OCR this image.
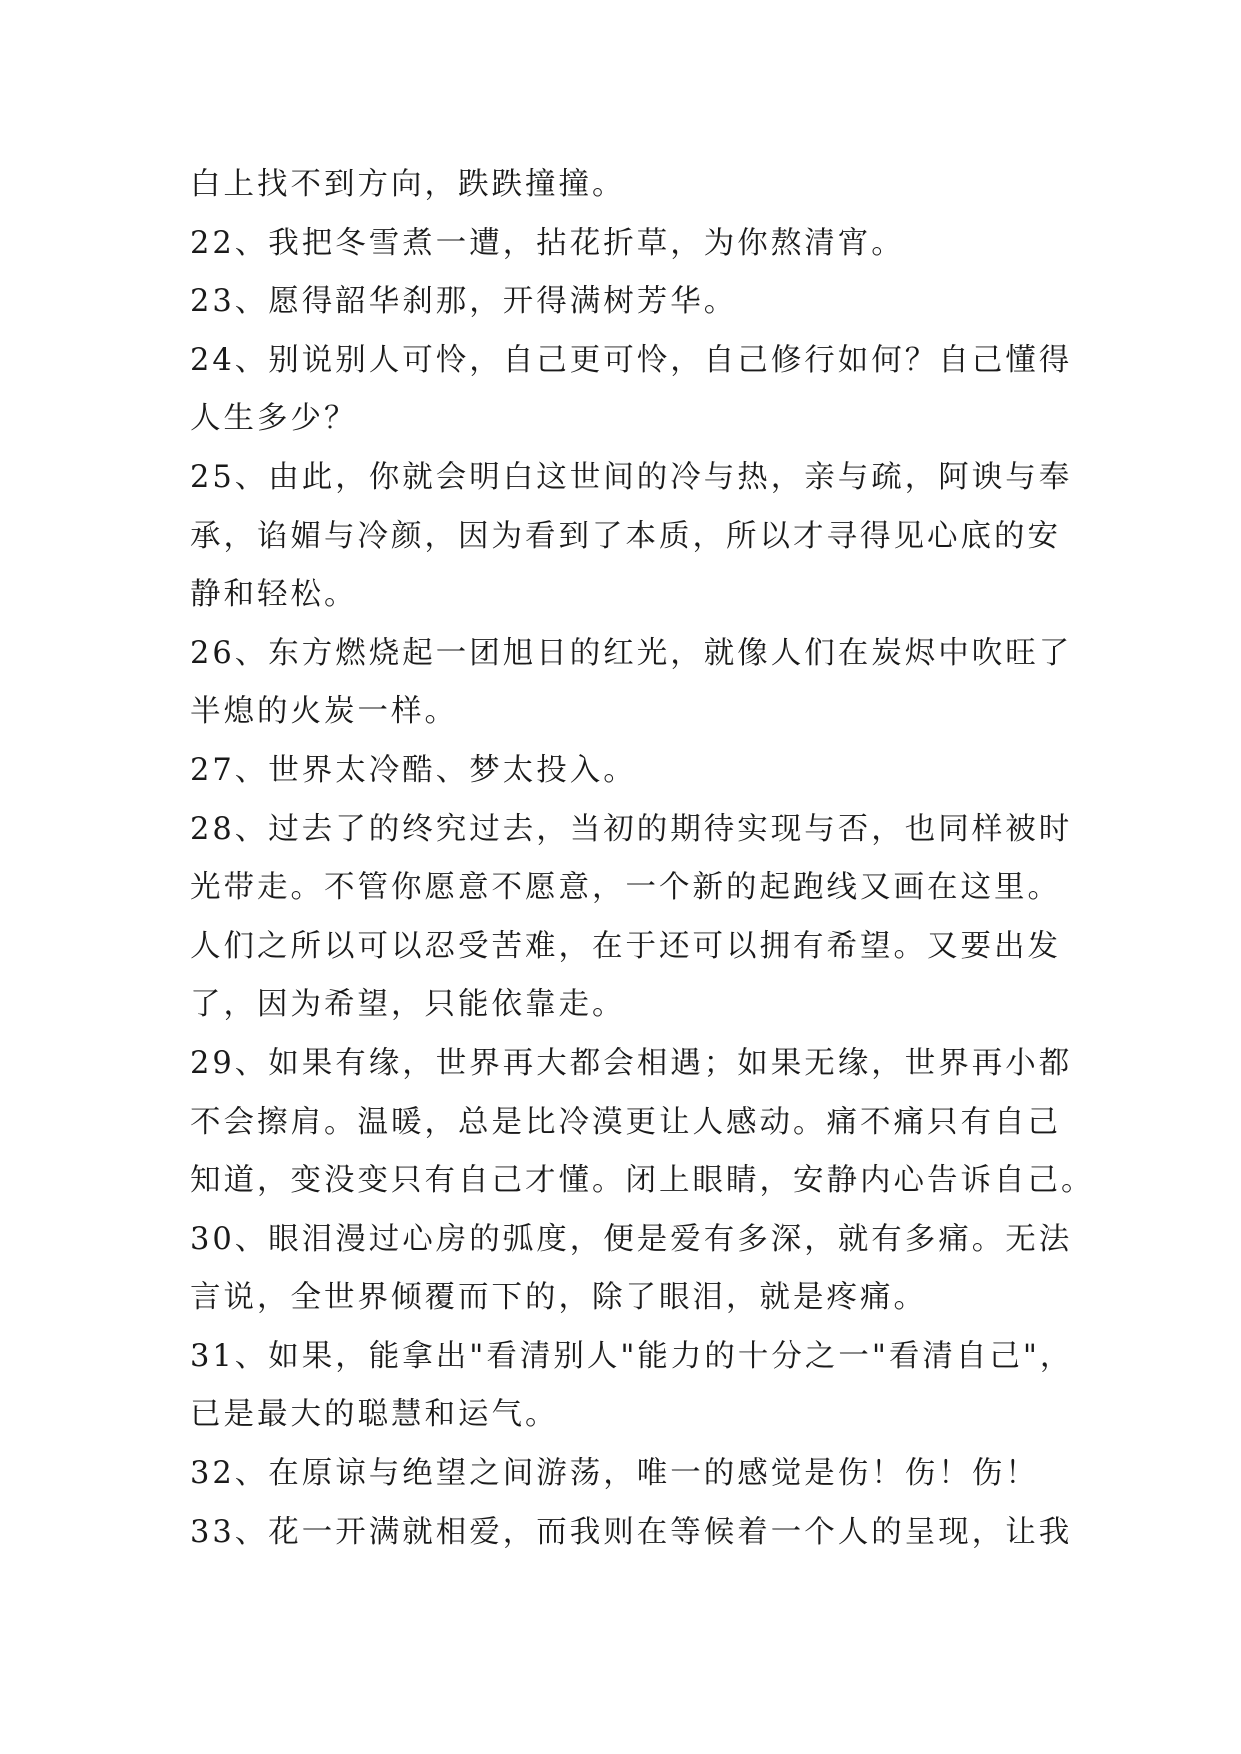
白上找不到方向，跌跌撞撞。
22、我把冬雪煮一遭，拈花折草，为你熬清宵。
23、愿得韶华刹那，开得满树芳华。
24、别说别人可怜，自己更可怜，自己修行如何？自己懂得
人生多少？
25、由此，你就会明白这世间的冷与热，亲与疏，阿谀与奉
承，谄媚与冷颜，因为看到了本质，所以才寻得见心底的安
静和轻松。
26、东方燃烧起一团旭日的红光，就像人们在炭烬中吹旺了
半熄的火炭一样。
27、世界太冷酷、梦太投入。
28、过去了的终究过去，当初的期待实现与否，也同样被时
光带走。不管你愿意不愿意，一个新的起跑线又画在这里。
人们之所以可以忍受苦难，在于还可以拥有希望。又要出发
了，因为希望，只能依靠走。
29、如果有缘，世界再大都会相遇；如果无缘，世界再小都
不会擦肩。温暖，总是比冷漠更让人感动。痛不痛只有自己
知道，变没变只有自己才懂。闭上眼睛，安静内心告诉自己。
30、眼泪漫过心房的弧度，便是爱有多深，就有多痛。无法
言说，全世界倾覆而下的，除了眼泪，就是疼痛。
31、如果，能拿出"看清别人"能力的十分之一"看清自己"，
已是最大的聪慧和运气。
32、在原谅与绝望之间游荡，唯一的感觉是伤！伤！伤！
33、花一开满就相爱，而我则在等候着一个人的呈现，让我
